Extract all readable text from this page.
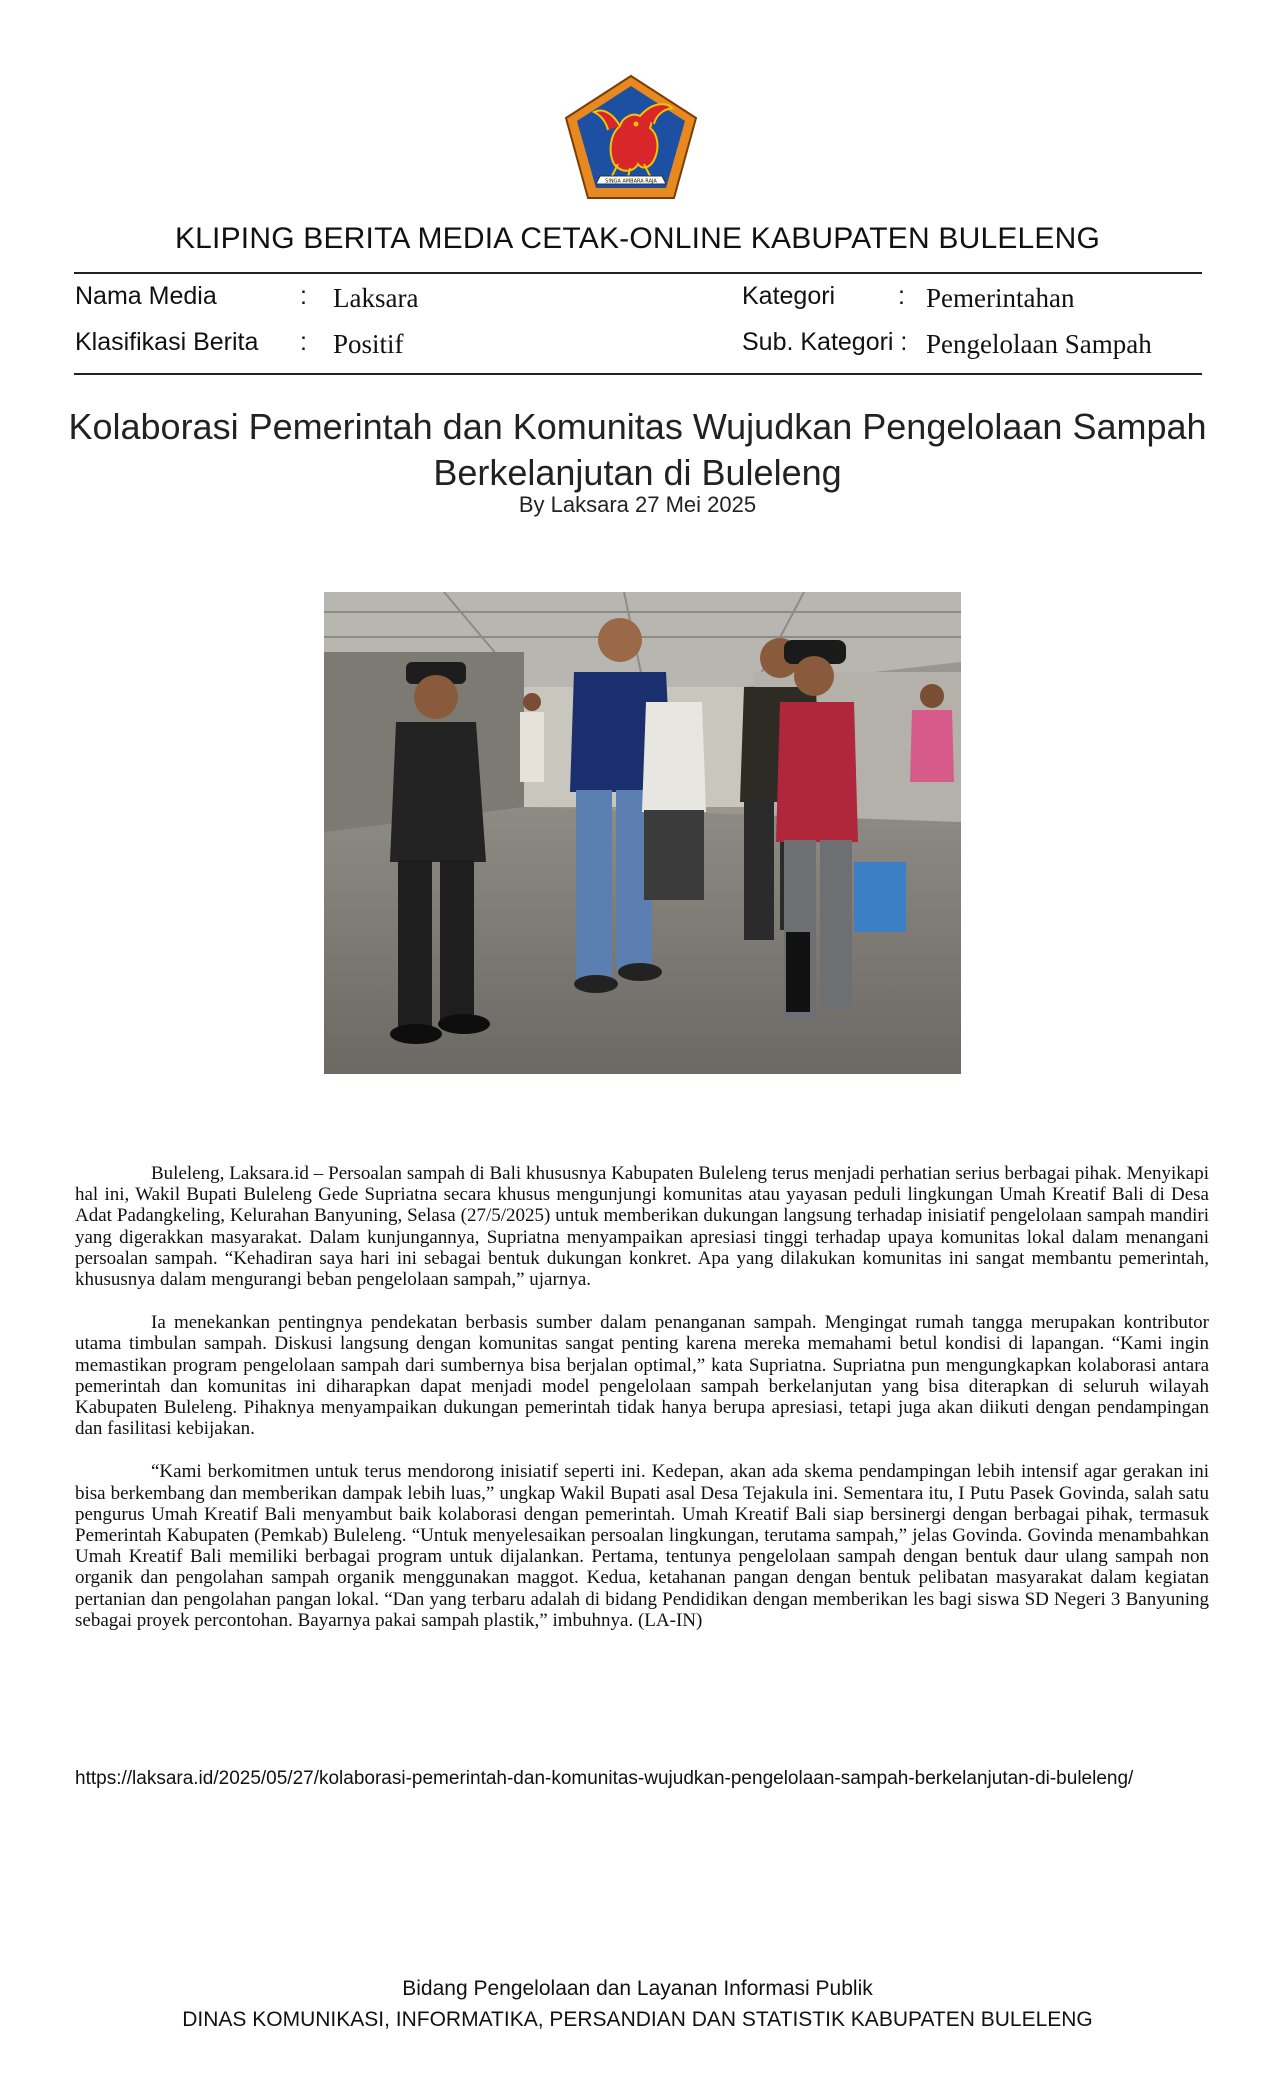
SINGA AMBARA RAJA
KLIPING BERITA MEDIA CETAK-ONLINE KABUPATEN BULELENG
Nama Media	: Laksara
Klasifikasi Berita : Positif
Kategori	: Pemerintahan
Sub. Kategori : Pengelolaan Sampah
Kolaborasi Pemerintah dan Komunitas Wujudkan Pengelolaan Sampah Berkelanjutan di Buleleng
By Laksara 27 Mei 2025

Buleleng, Laksara.id – Persoalan sampah di Bali khususnya Kabupaten Buleleng terus menjadi perhatian serius berbagai pihak. Menyikapi hal ini, Wakil Bupati Buleleng Gede Supriatna secara khusus mengunjungi komunitas atau yayasan peduli lingkungan Umah Kreatif Bali di Desa Adat Padangkeling, Kelurahan Banyuning, Selasa (27/5/2025) untuk memberikan dukungan langsung terhadap inisiatif pengelolaan sampah mandiri yang digerakkan masyarakat. Dalam kunjungannya, Supriatna menyampaikan apresiasi tinggi terhadap upaya komunitas lokal dalam menangani persoalan sampah. “Kehadiran saya hari ini sebagai bentuk dukungan konkret. Apa yang dilakukan komunitas ini sangat membantu pemerintah, khususnya dalam mengurangi beban pengelolaan sampah,” ujarnya.

Ia menekankan pentingnya pendekatan berbasis sumber dalam penanganan sampah. Mengingat rumah tangga merupakan kontributor utama timbulan sampah. Diskusi langsung dengan komunitas sangat penting karena mereka memahami betul kondisi di lapangan. “Kami ingin memastikan program pengelolaan sampah dari sumbernya bisa berjalan optimal,” kata Supriatna. Supriatna pun mengungkapkan kolaborasi antara pemerintah dan komunitas ini diharapkan dapat menjadi model pengelolaan sampah berkelanjutan yang bisa diterapkan di seluruh wilayah Kabupaten Buleleng. Pihaknya menyampaikan dukungan pemerintah tidak hanya berupa apresiasi, tetapi juga akan diikuti dengan pendampingan dan fasilitasi kebijakan.

“Kami berkomitmen untuk terus mendorong inisiatif seperti ini. Kedepan, akan ada skema pendampingan lebih intensif agar gerakan ini bisa berkembang dan memberikan dampak lebih luas,” ungkap Wakil Bupati asal Desa Tejakula ini. Sementara itu, I Putu Pasek Govinda, salah satu pengurus Umah Kreatif Bali menyambut baik kolaborasi dengan pemerintah. Umah Kreatif Bali siap bersinergi dengan berbagai pihak, termasuk Pemerintah Kabupaten (Pemkab) Buleleng. “Untuk menyelesaikan persoalan lingkungan, terutama sampah,” jelas Govinda. Govinda menambahkan Umah Kreatif Bali memiliki berbagai program untuk dijalankan. Pertama, tentunya pengelolaan sampah dengan bentuk daur ulang sampah non organik dan pengolahan sampah organik menggunakan maggot. Kedua, ketahanan pangan dengan bentuk pelibatan masyarakat dalam kegiatan pertanian dan pengolahan pangan lokal. “Dan yang terbaru adalah di bidang Pendidikan dengan memberikan les bagi siswa SD Negeri 3 Banyuning sebagai proyek percontohan. Bayarnya pakai sampah plastik,” imbuhnya. (LA-IN)

https://laksara.id/2025/05/27/kolaborasi-pemerintah-dan-komunitas-wujudkan-pengelolaan-sampah-berkelanjutan-di-buleleng/
Bidang Pengelolaan dan Layanan Informasi Publik
DINAS KOMUNIKASI, INFORMATIKA, PERSANDIAN DAN STATISTIK KABUPATEN BULELENG
